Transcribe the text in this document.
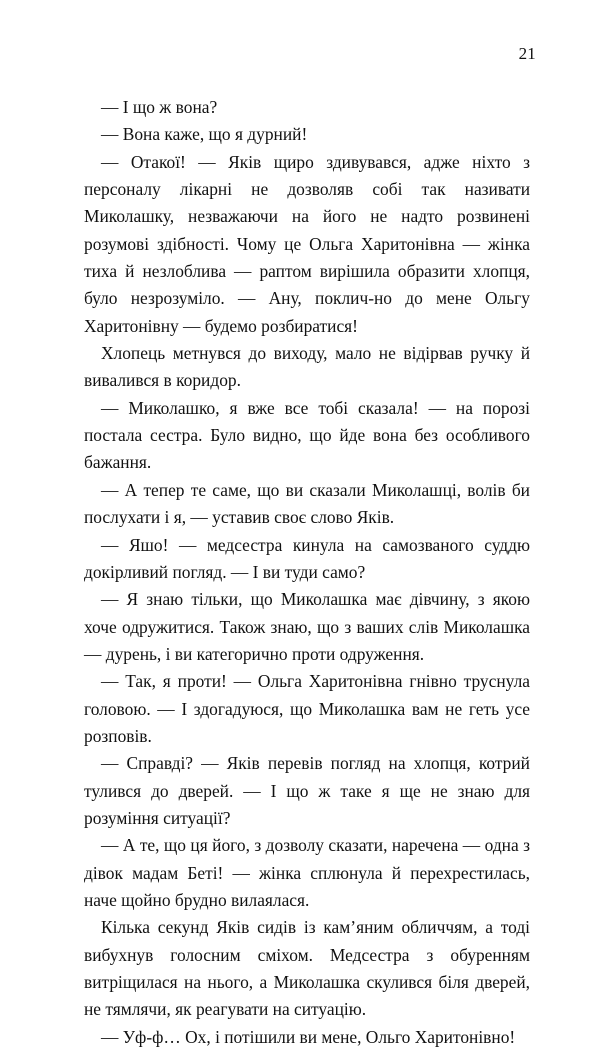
21

— І що ж вона?

— Вона каже, що я дурний!

— Отакої! — Яків щиро здивувався, адже ніхто з персоналу лікарні не дозволяв собі так називати Миколашку, незважаючи на його не надто розвинені розумові здібності. Чому це Ольга Харитонівна — жінка тиха й незлоблива — раптом вирішила образити хлопця, було незрозуміло. — Ану, поклич-но до мене Ольгу Харитонівну — будемо розбиратися!

Хлопець метнувся до виходу, мало не відірвав ручку й вивалився в коридор.

— Миколашко, я вже все тобі сказала! — на порозі постала сестра. Було видно, що йде вона без особливого бажання.

— А тепер те саме, що ви сказали Миколашці, волів би послухати і я, — уставив своє слово Яків.

— Яшо! — медсестра кинула на самозваного суддю докірливий погляд. — І ви туди само?

— Я знаю тільки, що Миколашка має дівчину, з якою хоче одружитися. Також знаю, що з ваших слів Миколашка — дурень, і ви категорично проти одруження.

— Так, я проти! — Ольга Харитонівна гнівно труснула головою. — І здогадуюся, що Миколашка вам не геть усе розповів.

— Справді? — Яків перевів погляд на хлопця, котрий тулився до дверей. — І що ж таке я ще не знаю для розуміння ситуації?

— А те, що ця його, з дозволу сказати, наречена — одна з дівок мадам Беті! — жінка сплюнула й перехрестилась, наче щойно брудно вилаялася.

Кілька секунд Яків сидів із кам’яним обличчям, а тоді вибухнув голосним сміхом. Медсестра з обуренням витріщилася на нього, а Миколашка скулився біля дверей, не тямлячи, як реагувати на ситуацію.

— Уф-ф… Ох, і потішили ви мене, Ольго Харитонівно!
